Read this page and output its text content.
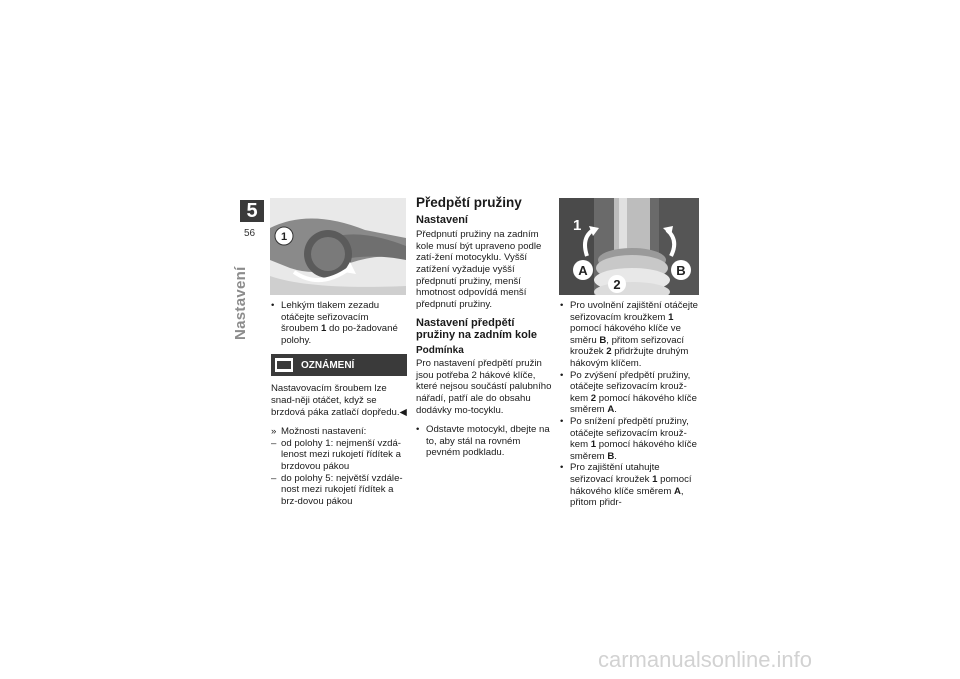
5
56
Nastavení
1
• Lehkým tlakem zezadu otáčejte seřizovacím šroubem 1 do po-žadované polohy.
OZNÁMENÍ
Nastavovacím šroubem lze snad-něji otáčet, když se brzdová páka zatlačí dopředu.◀
» Možnosti nastavení:
– od polohy 1: nejmenší vzdá-lenost mezi rukojetí řídítek a brzdovou pákou
– do polohy 5: největší vzdále-nost mezi rukojetí řídítek a brz-dovou pákou
Předpětí pružiny
Nastavení
Předpnutí pružiny na zadním kole musí být upraveno podle zatí-žení motocyklu. Vyšší zatížení vyžaduje vyšší předpnutí pružiny, menší hmotnost odpovídá menší předpnutí pružiny.
Nastavení předpětí pružiny na zadním kole
Podmínka
Pro nastavení předpětí pružin jsou potřeba 2 hákové klíče, které nejsou součástí palubního nářadí, patří ale do obsahu dodávky mo-tocyklu.
• Odstavte motocykl, dbejte na to, aby stál na rovném pevném podkladu.
1
2
A	B
• Pro uvolnění zajištění otáčejte seřizovacím kroužkem 1 pomocí hákového klíče ve směru B, přitom seřizovací kroužek 2 přidržujte druhým hákovým klíčem.
• Po zvýšení předpětí pružiny, otáčejte seřizovacím krouž-kem 2 pomocí hákového klíče směrem A.
• Po snížení předpětí pružiny, otáčejte seřizovacím krouž-kem 1 pomocí hákového klíče směrem B.
• Pro zajištění utahujte seřizovací kroužek 1 pomocí hákového klíče směrem A, přitom přidr-
carmanualsonline.info
